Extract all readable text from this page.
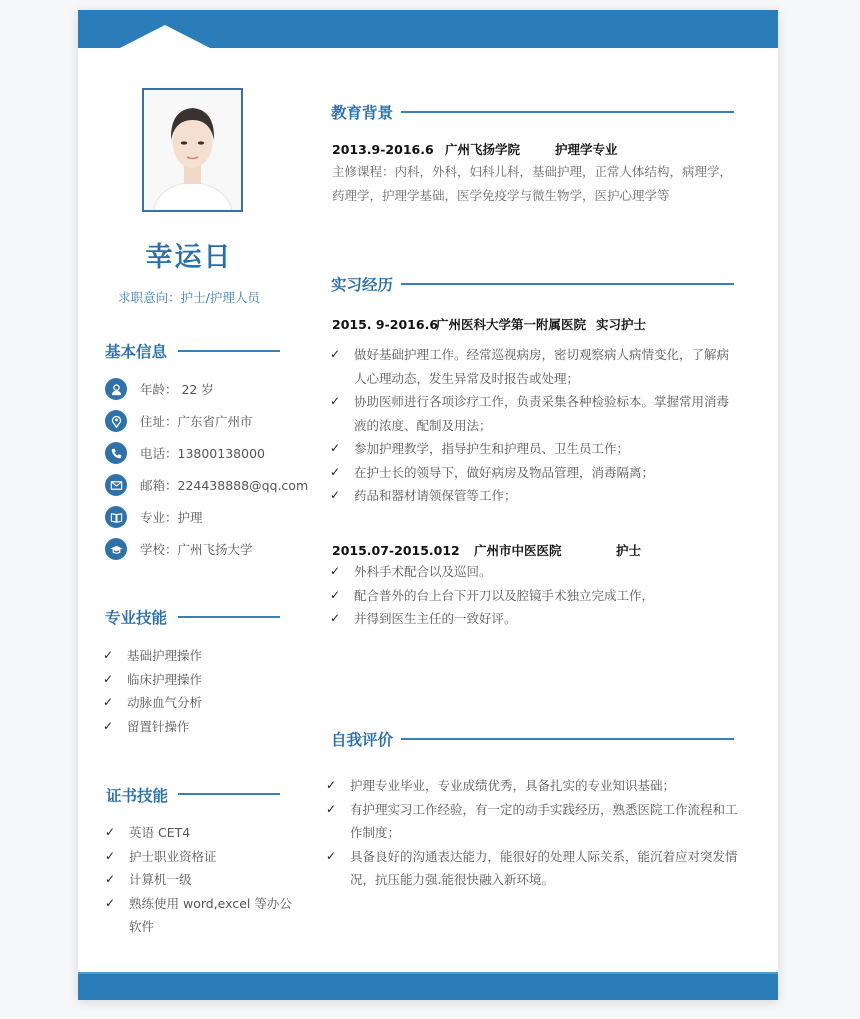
幸运日
求职意向：护士/护理人员
基本信息
年龄： 22 岁
住址：广东省广州市
电话：13800138000
邮箱：224438888@qq.com
专业：护理
学校：广州飞扬大学
专业技能
✓	基础护理操作
✓	临床护理操作
✓	动脉血气分析
✓	留置针操作
证书技能
✓	英语 CET4
✓	护士职业资格证
✓	计算机一级
✓	熟练使用 word,excel 等办公软件
教育背景
2013.9-2016.6 广州飞扬学院	护理学专业
主修课程：内科，外科，妇科儿科，基础护理，正常人体结构，病理学，药理学，护理学基础，医学免疫学与微生物学，医护心理学等
实习经历
2015. 9-2016.6广州医科大学第一附属医院 实习护士
✓	做好基础护理工作。经常巡视病房，密切观察病人病情变化，了解病人心理动态，发生异常及时报告或处理；
✓	协助医师进行各项诊疗工作，负责采集各种检验标本。掌握常用消毒液的浓度、配制及用法；
✓	参加护理教学，指导护生和护理员、卫生员工作；
✓	在护士长的领导下，做好病房及物品管理，消毒隔离；
✓	药品和器材请领保管等工作；
2015.07-2015.012 广州市中医医院	护士
✓	外科手术配合以及巡回。
✓	配合普外的台上台下开刀以及腔镜手术独立完成工作，
✓	并得到医生主任的一致好评。
自我评价
✓	护理专业毕业，专业成绩优秀，具备扎实的专业知识基础；
✓	有护理实习工作经验，有一定的动手实践经历，熟悉医院工作流程和工作制度；
✓	具备良好的沟通表达能力，能很好的处理人际关系，能沉着应对突发情况，抗压能力强.能很快融入新环境。
